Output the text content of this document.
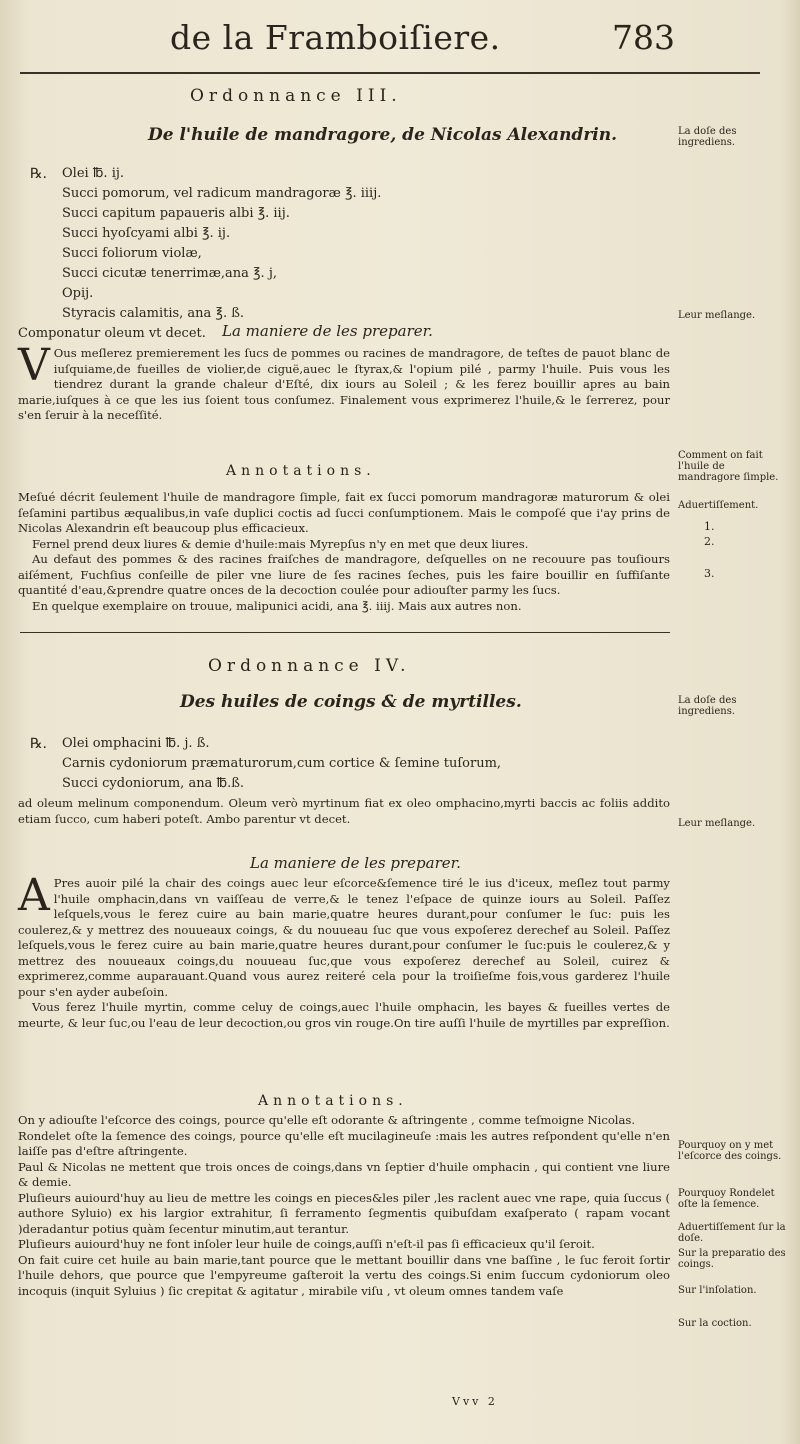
de la Framboiſiere.	783
Ordonnance III.
De l'huile de mandragore, de Nicolas Alexandrin.
℞. Olei ℔. ij.
Succi pomorum, vel radicum mandragoræ ℥. iiij.
Succi capitum papaueris albi ℥. iij.
Succi hyoſcyami albi ℥. ij.
Succi foliorum violæ,
Succi cicutæ tenerrimæ,ana ℥. j,
Opij.
Styracis calamitis, ana ℥. ß.
Componatur oleum vt decet.	La maniere de les preparer.
V Ous meſlerez premierement les ſucs de pommes ou racines de mandragore, de teſtes de pauot blanc de iuſquiame,de fueilles de violier,de ciguë,auec le ſtyrax,& l'opium pilé , parmy l'huile. Puis vous les tiendrez durant la grande chaleur d'Eſté, dix iours au Soleil ; & les ferez bouillir apres au bain marie,iuſques à ce que les ius ſoient tous conſumez. Finalement vous exprimerez l'huile,& le ſerrerez, pour s'en ſeruir à la neceſſité.
Annotations.

Meſué décrit ſeulement l'huile de mandragore ſimple, fait ex ſucci pomorum mandragoræ maturorum & olei ſeſamini partibus æqualibus,in vaſe duplici coctis ad ſucci conſumptionem. Mais le compoſé que i'ay prins de Nicolas Alexandrin eſt beaucoup plus efficacieux.

Fernel prend deux liures & demie d'huile:mais Myrepſus n'y en met que deux liures.

Au defaut des pommes & des racines fraiſches de mandragore, deſquelles on ne recouure pas touſiours aiſément, Fuchſius conſeille de piler vne liure de ſes racines ſeches, puis les faire bouillir en ſuffiſante quantité d'eau,&prendre quatre onces de la decoction coulée pour adiouſter parmy les ſucs.

En quelque exemplaire on trouue, malipunici acidi, ana ℥. iiij. Mais aux autres non.

Ordonnance IV.
Des huiles de coings & de myrtilles.
℞. Olei omphacini ℔. j. ß.
Carnis cydoniorum præmaturorum,cum cortice & ſemine tuſorum,
Succi cydoniorum, ana ℔.ß.
ad oleum melinum componendum. Oleum verò myrtinum fiat ex oleo omphacino,myrti baccis ac foliis addito etiam ſucco, cum haberi poteſt. Ambo parentur vt decet.
La maniere de les preparer.
A Pres auoir pilé la chair des coings auec leur eſcorce&ſemence tiré le ius d'iceux, meſlez tout parmy l'huile omphacin,dans vn vaiſſeau de verre,& le tenez l'eſpace de quinze iours au Soleil. Paſſez leſquels,vous le ferez cuire au bain marie,quatre heures durant,pour conſumer le ſuc: puis les coulerez,& y mettrez des nouueaux coings, & du nouueau ſuc que vous expoſerez derechef au Soleil. Paſſez leſquels,vous le ferez cuire au bain marie,quatre heures durant,pour conſumer le ſuc:puis le coulerez,& y mettrez des nouueaux coings,du nouueau ſuc,que vous expoſerez derechef au Soleil, cuirez & exprimerez,comme auparauant.Quand vous aurez reiteré cela pour la troiſieſme fois,vous garderez l'huile pour s'en ayder aubeſoin.

Vous ferez l'huile myrtin, comme celuy de coings,auec l'huile omphacin, les bayes & fueilles vertes de meurte, & leur ſuc,ou l'eau de leur decoction,ou gros vin rouge.On tire auſſi l'huile de myrtilles par expreſſion.

Annotations.

On y adiouſte l'eſcorce des coings, pource qu'elle eſt odorante & aſtringente , comme teſmoigne Nicolas.

Rondelet oſte la ſemence des coings, pource qu'elle eſt mucilagineuſe :mais les autres reſpondent qu'elle n'en laiſſe pas d'eſtre aſtringente.

Paul & Nicolas ne mettent que trois onces de coings,dans vn ſeptier d'huile omphacin , qui contient vne liure & demie.

Pluſieurs auiourd'huy au lieu de mettre les coings en pieces&les piler ,les raclent auec vne rape, quia ſuccus ( authore Syluio) ex his largior extrahitur, ſi ferramento ſegmentis quibuſdam exaſperato ( rapam vocant )deradantur potius quàm ſecentur minutim,aut terantur.

Pluſieurs auiourd'huy ne font inſoler leur huile de coings,auſſi n'eſt-il pas ſi efficacieux qu'il ſeroit.

On fait cuire cet huile au bain marie,tant pource que le mettant bouillir dans vne baſſine , le ſuc feroit ſortir l'huile dehors, que pource que l'empyreume gaſteroit la vertu des coings.Si enim ſuccum cydoniorum oleo incoquis (inquit Syluius ) ſic crepitat & agitatur , mirabile viſu , vt oleum omnes tandem vaſe

Vvv 2
La doſe des ingrediens.
Leur meſlange.
Comment on fait l'huile de mandragore ſimple.
Aduertiſſement.
1.
2.
3.
La doſe des ingrediens.
Leur meſlange.
Pourquoy on y met l'eſcorce des coings.
Pourquoy Rondelet oſte la ſemence.
Aduertiſſement ſur la doſe.
Sur la preparatio des coings.
Sur l'inſolation.
Sur la coction.
